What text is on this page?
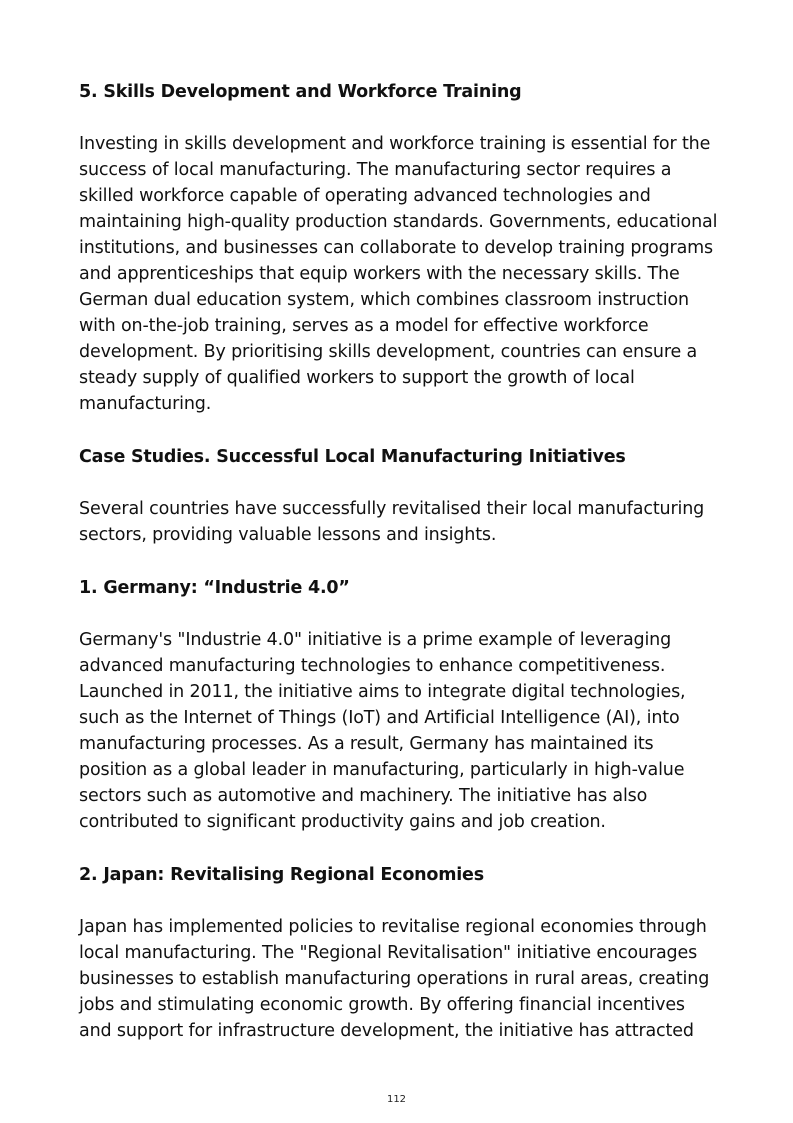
5. Skills Development and Workforce Training

Investing in skills development and workforce training is essential for the success of local manufacturing. The manufacturing sector requires a skilled workforce capable of operating advanced technologies and maintaining high-quality production standards. Governments, educational institutions, and businesses can collaborate to develop training programs and apprenticeships that equip workers with the necessary skills. The German dual education system, which combines classroom instruction with on-the-job training, serves as a model for effective workforce development. By prioritising skills development, countries can ensure a steady supply of qualified workers to support the growth of local manufacturing.

Case Studies. Successful Local Manufacturing Initiatives

Several countries have successfully revitalised their local manufacturing sectors, providing valuable lessons and insights.

1. Germany: “Industrie 4.0”

Germany's "Industrie 4.0" initiative is a prime example of leveraging advanced manufacturing technologies to enhance competitiveness. Launched in 2011, the initiative aims to integrate digital technologies, such as the Internet of Things (IoT) and Artificial Intelligence (AI), into manufacturing processes. As a result, Germany has maintained its position as a global leader in manufacturing, particularly in high-value sectors such as automotive and machinery. The initiative has also contributed to significant productivity gains and job creation.

2. Japan: Revitalising Regional Economies

Japan has implemented policies to revitalise regional economies through local manufacturing. The "Regional Revitalisation" initiative encourages businesses to establish manufacturing operations in rural areas, creating jobs and stimulating economic growth. By offering financial incentives and support for infrastructure development, the initiative has attracted

112
